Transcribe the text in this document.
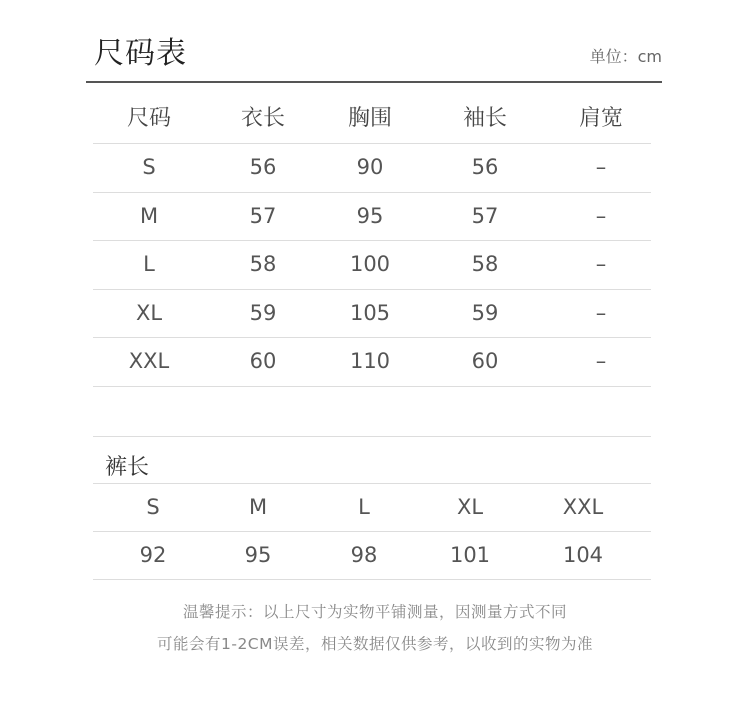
尺码表	单位：cm
尺码	衣长	胸围	袖长	肩宽
S	56	90	56	–
M	57	95	57	–
L	58	100	58	–
XL	59	105	59	–
XXL	60	110	60	–
裤长
S	M	L	XL	XXL
92	95	98	101	104
温馨提示：以上尺寸为实物平铺测量，因测量方式不同
可能会有1-2CM误差，相关数据仅供参考，以收到的实物为准
